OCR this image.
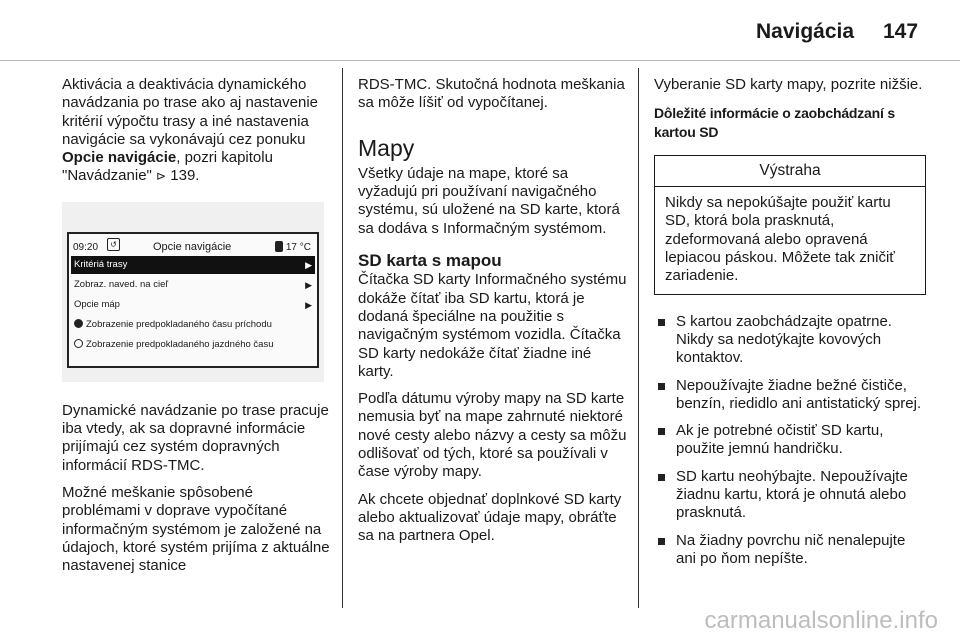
Navigácia 147

Aktivácia a deaktivácia dynamického navádzania po trase ako aj nastavenie kritérií výpočtu trasy a iné nastavenia navigácie sa vykonávajú cez ponuku Opcie navigácie, pozri kapitolu "Navádzanie" ⊳ 139.

09:20	↺	Opcie navigácie	17 °C
Kritériá trasy	▶
Zobraz. naved. na cieľ	▶
Opcie máp	▶
Zobrazenie predpokladaného času príchodu
Zobrazenie predpokladaného jazdného času

Dynamické navádzanie po trase pracuje iba vtedy, ak sa dopravné informácie prijímajú cez systém dopravných informácií RDS-TMC.

Možné meškanie spôsobené problémami v doprave vypočítané informačným systémom je založené na údajoch, ktoré systém prijíma z aktuálne nastavenej stanice

RDS-TMC. Skutočná hodnota meškania sa môže líšiť od vypočítanej.

Mapy

Všetky údaje na mape, ktoré sa vyžadujú pri používaní navigačného systému, sú uložené na SD karte, ktorá sa dodáva s Informačným systémom.

SD karta s mapou

Čítačka SD karty Informačného systému dokáže čítať iba SD kartu, ktorá je dodaná špeciálne na použitie s navigačným systémom vozidla. Čítačka SD karty nedokáže čítať žiadne iné karty.

Podľa dátumu výroby mapy na SD karte nemusia byť na mape zahrnuté niektoré nové cesty alebo názvy a cesty sa môžu odlišovať od tých, ktoré sa používali v čase výroby mapy.

Ak chcete objednať doplnkové SD karty alebo aktualizovať údaje mapy, obráťte sa na partnera Opel.

Vyberanie SD karty mapy, pozrite nižšie.

Dôležité informácie o zaobchádzaní s kartou SD
Výstraha
Nikdy sa nepokúšajte použiť kartu SD, ktorá bola prasknutá, zdeformovaná alebo opravená lepiacou páskou. Môžete tak zničiť zariadenie.
S kartou zaobchádzajte opatrne. Nikdy sa nedotýkajte kovových kontaktov.
Nepoužívajte žiadne bežné čističe, benzín, riedidlo ani antistatický sprej.
Ak je potrebné očistiť SD kartu, použite jemnú handričku.
SD kartu neohýbajte. Nepoužívajte žiadnu kartu, ktorá je ohnutá alebo prasknutá.
Na žiadny povrchu nič nenalepujte ani po ňom nepíšte.
carmanualsonline.info
